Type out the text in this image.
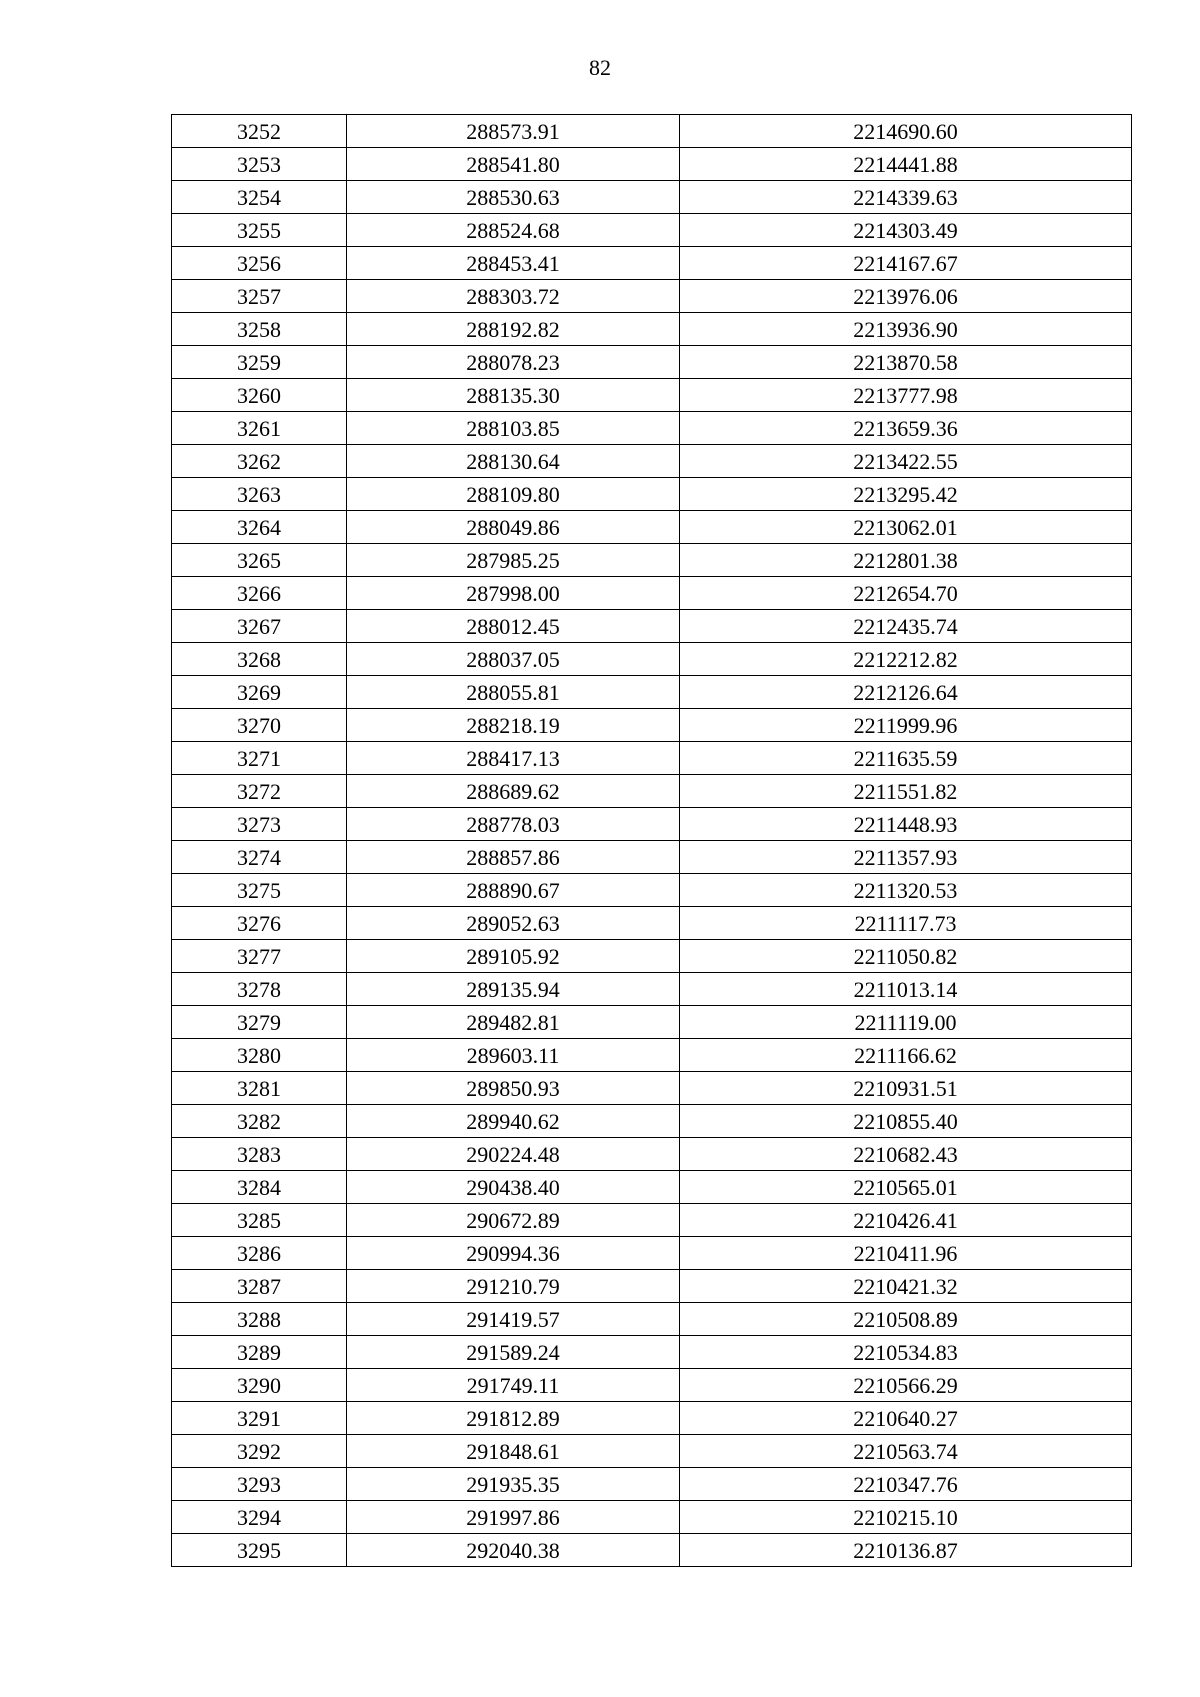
82
3252	288573.91	2214690.60
3253	288541.80	2214441.88
3254	288530.63	2214339.63
3255	288524.68	2214303.49
3256	288453.41	2214167.67
3257	288303.72	2213976.06
3258	288192.82	2213936.90
3259	288078.23	2213870.58
3260	288135.30	2213777.98
3261	288103.85	2213659.36
3262	288130.64	2213422.55
3263	288109.80	2213295.42
3264	288049.86	2213062.01
3265	287985.25	2212801.38
3266	287998.00	2212654.70
3267	288012.45	2212435.74
3268	288037.05	2212212.82
3269	288055.81	2212126.64
3270	288218.19	2211999.96
3271	288417.13	2211635.59
3272	288689.62	2211551.82
3273	288778.03	2211448.93
3274	288857.86	2211357.93
3275	288890.67	2211320.53
3276	289052.63	2211117.73
3277	289105.92	2211050.82
3278	289135.94	2211013.14
3279	289482.81	2211119.00
3280	289603.11	2211166.62
3281	289850.93	2210931.51
3282	289940.62	2210855.40
3283	290224.48	2210682.43
3284	290438.40	2210565.01
3285	290672.89	2210426.41
3286	290994.36	2210411.96
3287	291210.79	2210421.32
3288	291419.57	2210508.89
3289	291589.24	2210534.83
3290	291749.11	2210566.29
3291	291812.89	2210640.27
3292	291848.61	2210563.74
3293	291935.35	2210347.76
3294	291997.86	2210215.10
3295	292040.38	2210136.87
